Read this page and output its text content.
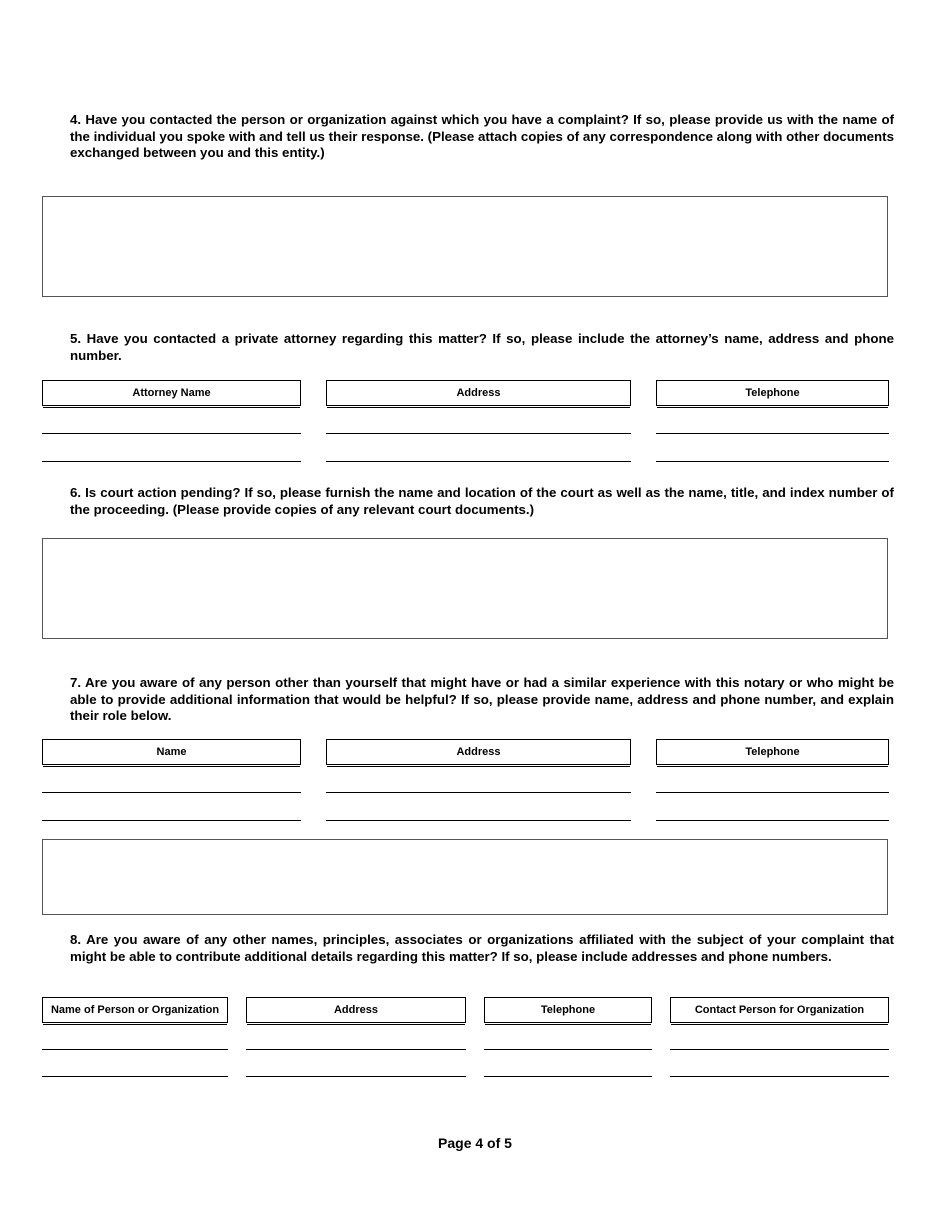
4. Have you contacted the person or organization against which you have a complaint? If so, please provide us with the name of the individual you spoke with and tell us their response. (Please attach copies of any correspondence along with other documents exchanged between you and this entity.)

5. Have you contacted a private attorney regarding this matter? If so, please include the attorney’s name, address and phone number.

Attorney Name	Address	Telephone

6. Is court action pending? If so, please furnish the name and location of the court as well as the name, title, and index number of the proceeding. (Please provide copies of any relevant court documents.)

7. Are you aware of any person other than yourself that might have or had a similar experience with this notary or who might be able to provide additional information that would be helpful? If so, please provide name, address and phone number, and explain their role below.

Name	Address	Telephone

8. Are you aware of any other names, principles, associates or organizations affiliated with the subject of your complaint that might be able to contribute additional details regarding this matter? If so, please include addresses and phone numbers.

Name of Person or Organization	Address	Telephone	Contact Person for Organization
Page 4 of 5
